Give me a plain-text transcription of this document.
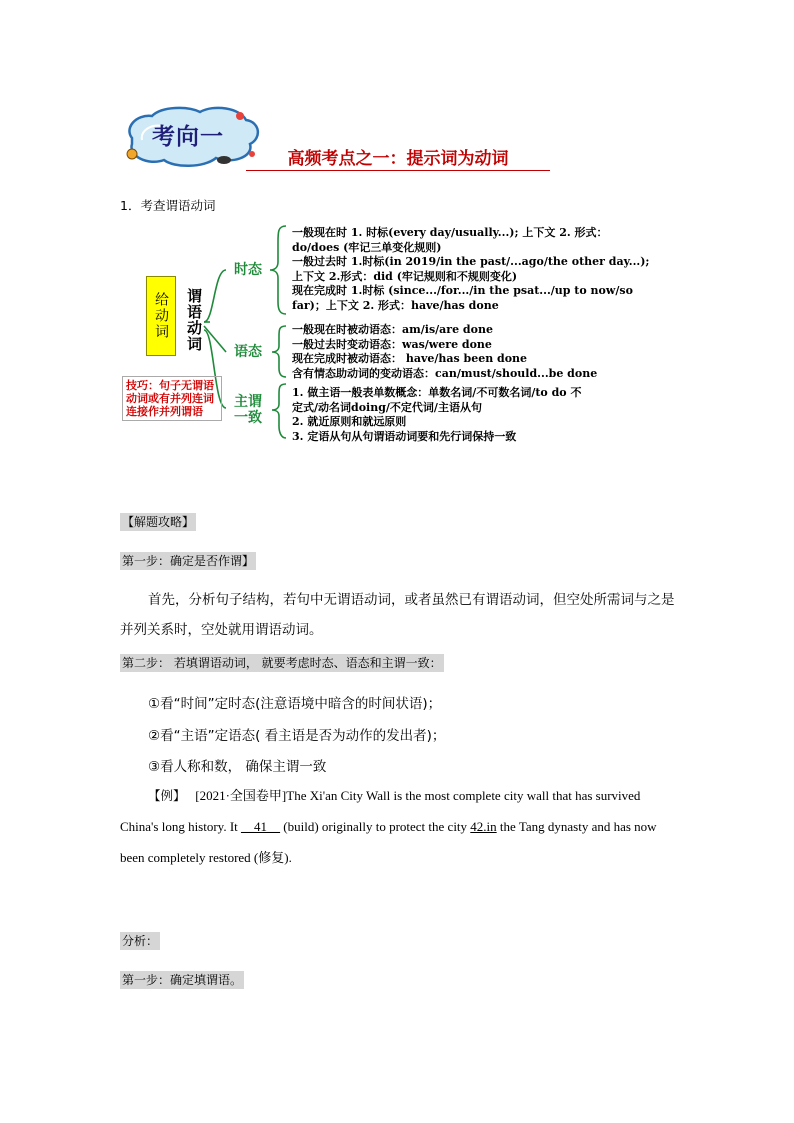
考向一
高频考点之一：提示词为动词
1．考查谓语动词
给动词	谓语动词
技巧：句子无谓语动词或有并列连词连接作并列谓语
时态
语态
主谓一致
一般现在时 1. 时标(every day/usually...); 上下文 2. 形式：
do/does (牢记三单变化规则)
一般过去时 1.时标(in 2019/in the past/...ago/the other day...);
上下文 2.形式：did (牢记规则和不规则变化)
现在完成时 1.时标 (since.../for.../in the psat.../up to now/so
far)；上下文 2. 形式：have/has done
一般现在时被动语态：am/is/are done
一般过去时变动语态：was/were done
现在完成时被动语态： have/has been done
含有情态助动词的变动语态：can/must/should...be done
1. 做主语一般表单数概念：单数名词/不可数名词/to do 不
定式/动名词doing/不定代词/主语从句
2. 就近原则和就远原则
3. 定语从句从句谓语动词要和先行词保持一致
【解题攻略】
第一步：确定是否作谓】
首先，分析句子结构，若句中无谓语动词，或者虽然已有谓语动词，但空处所需词与之是并列关系时，空处就用谓语动词。
第二步： 若填谓语动词， 就要考虑时态、语态和主谓一致：
①看“时间”定时态(注意语境中暗含的时间状语)；
②看“主语”定语态( 看主语是否为动作的发出者)；
③看人称和数， 确保主谓一致
【例】 [2021·全国卷甲]The Xi'an City Wall is the most complete city wall that has survived China's long history. It __41__ (build) originally to protect the city 42.in the Tang dynasty and has now been completely restored (修复).
分析：
第一步：确定填谓语。
